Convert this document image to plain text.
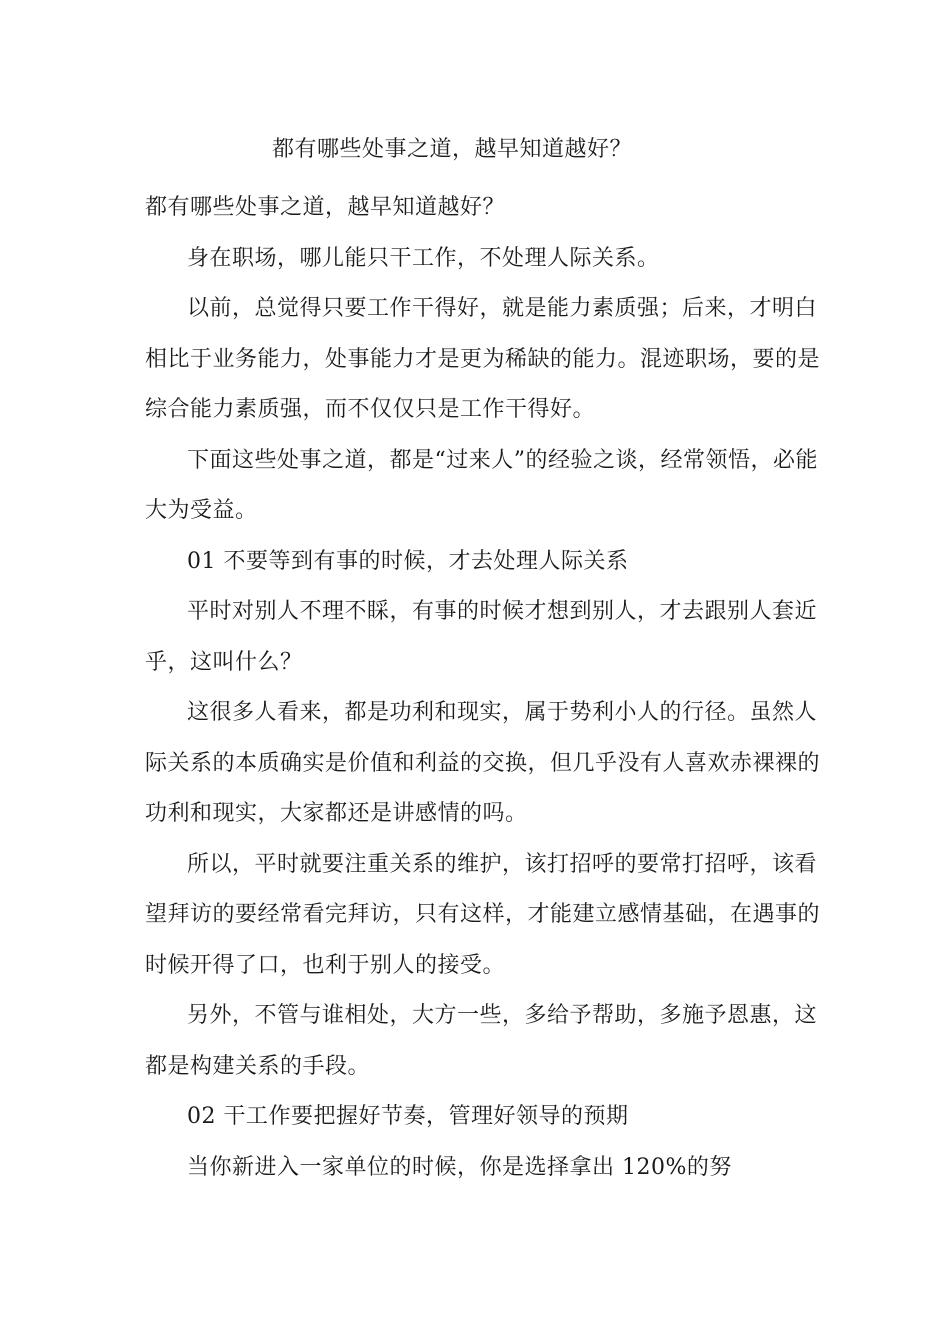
都有哪些处事之道，越早知道越好？

都有哪些处事之道，越早知道越好？

身在职场，哪儿能只干工作，不处理人际关系。

以前，总觉得只要工作干得好，就是能力素质强；后来，才明白相比于业务能力，处事能力才是更为稀缺的能力。混迹职场，要的是综合能力素质强，而不仅仅只是工作干得好。

下面这些处事之道，都是“过来人”的经验之谈，经常领悟，必能大为受益。

01 不要等到有事的时候，才去处理人际关系

平时对别人不理不睬，有事的时候才想到别人，才去跟别人套近乎，这叫什么？

这很多人看来，都是功利和现实，属于势利小人的行径。虽然人际关系的本质确实是价值和利益的交换，但几乎没有人喜欢赤裸裸的功利和现实，大家都还是讲感情的吗。

所以，平时就要注重关系的维护，该打招呼的要常打招呼，该看望拜访的要经常看完拜访，只有这样，才能建立感情基础，在遇事的时候开得了口，也利于别人的接受。

另外，不管与谁相处，大方一些，多给予帮助，多施予恩惠，这都是构建关系的手段。

02 干工作要把握好节奏，管理好领导的预期

当你新进入一家单位的时候，你是选择拿出 120%的努
